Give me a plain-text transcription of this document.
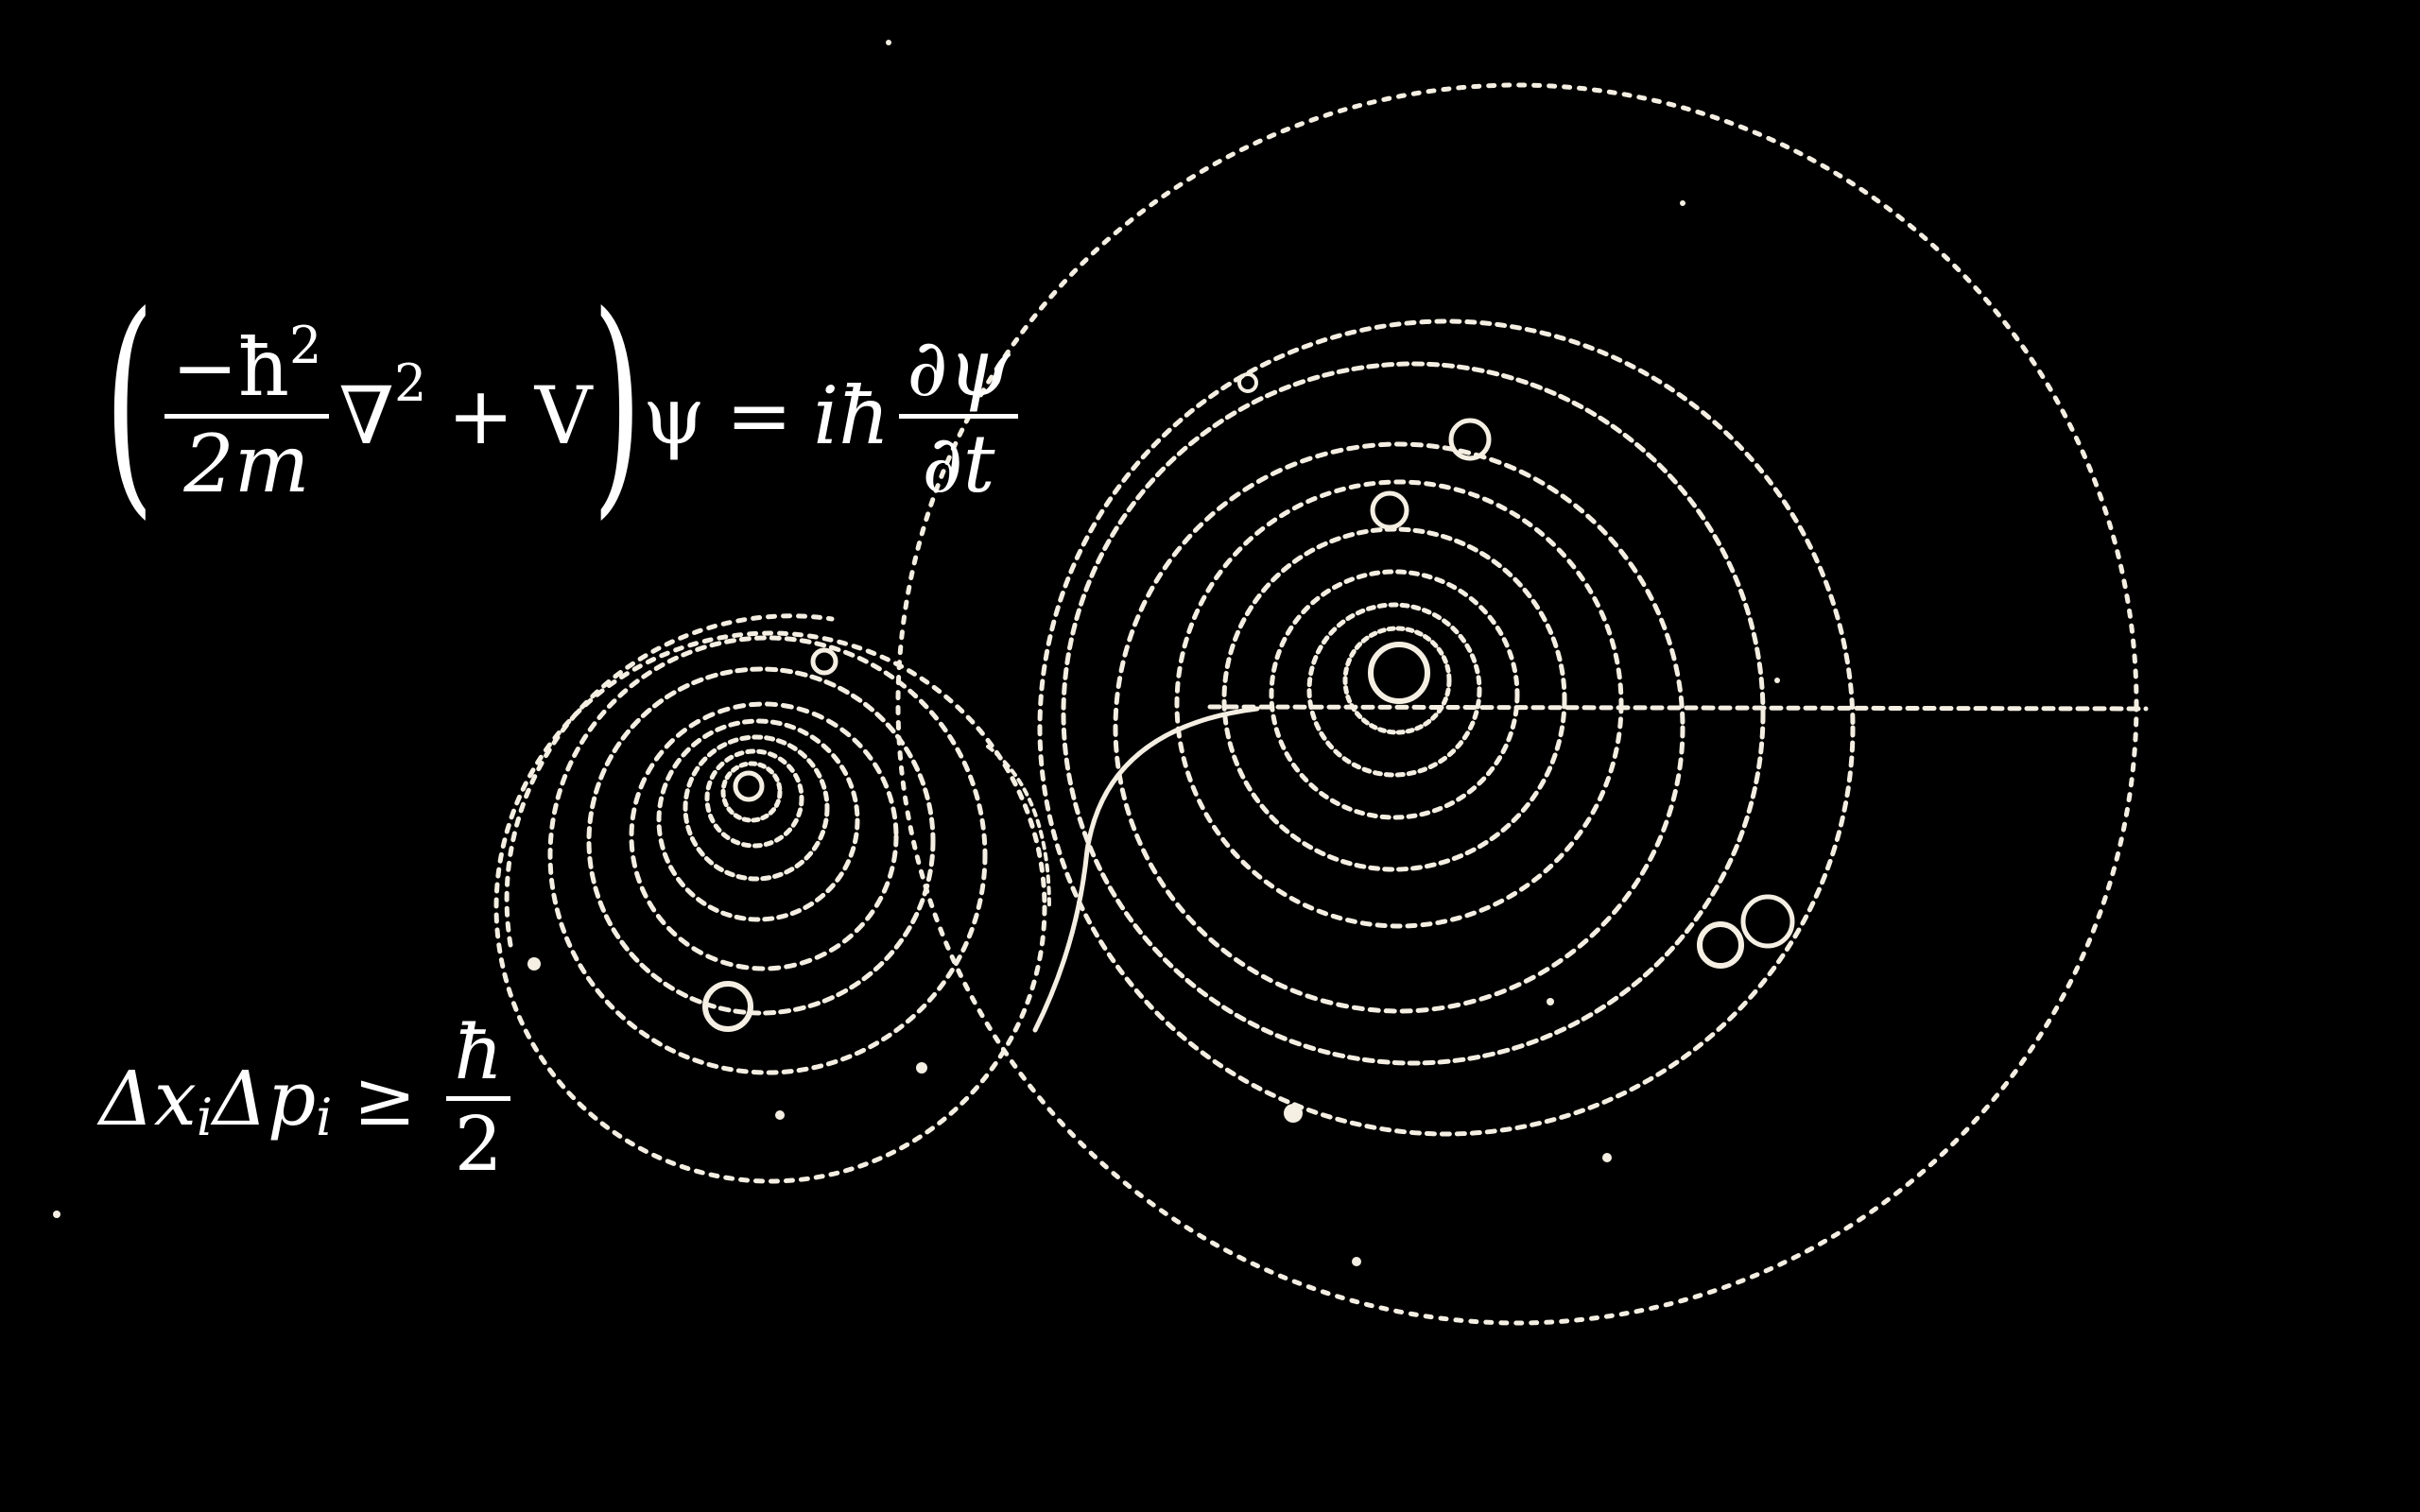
( $\frac{-ħ^2}{2m}$ ∇ 2 + V ) ψ = iħ $\frac{\partial\psi}{\partial t}$
Δx i Δp $i \ge \frac{ħ}{2}$
